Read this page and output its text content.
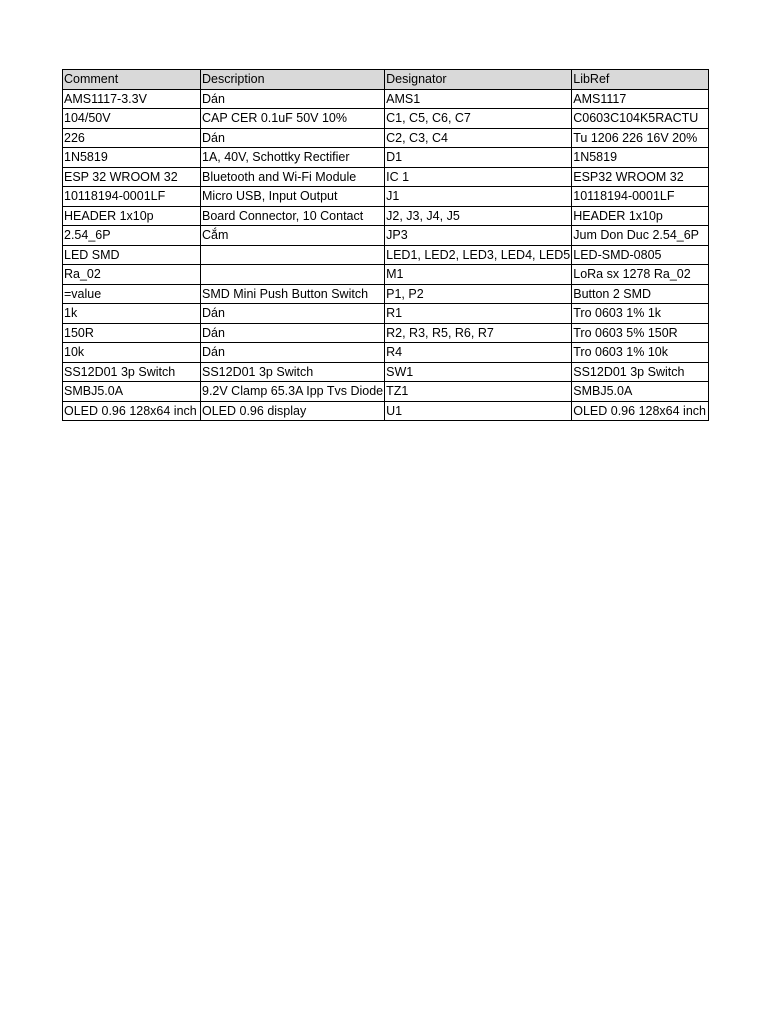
Comment	Description	Designator	LibRef
AMS1117-3.3V	Dán	AMS1	AMS1117
104/50V	CAP CER 0.1uF 50V 10%	C1, C5, C6, C7	C0603C104K5RACTU
226	Dán	C2, C3, C4	Tu 1206 226 16V 20%
1N5819	1A, 40V, Schottky Rectifier	D1	1N5819
ESP 32 WROOM 32	Bluetooth and Wi-Fi Module	IC 1	ESP32 WROOM 32
10118194-0001LF	Micro USB, Input Output	J1	10118194-0001LF
HEADER 1x10p	Board Connector, 10 Contact	J2, J3, J4, J5	HEADER 1x10p
2.54_6P	Cắm	JP3	Jum Don Duc 2.54_6P
LED SMD		LED1, LED2, LED3, LED4, LED5	LED-SMD-0805
Ra_02		M1	LoRa sx 1278 Ra_02
=value	SMD Mini Push Button Switch	P1, P2	Button 2 SMD
1k	Dán	R1	Tro 0603 1% 1k
150R	Dán	R2, R3, R5, R6, R7	Tro 0603 5% 150R
10k	Dán	R4	Tro 0603 1% 10k
SS12D01 3p Switch	SS12D01 3p Switch	SW1	SS12D01 3p Switch
SMBJ5.0A	9.2V Clamp 65.3A Ipp Tvs Diode	TZ1	SMBJ5.0A
OLED 0.96 128x64 inch	OLED 0.96 display	U1	OLED 0.96 128x64 inch
